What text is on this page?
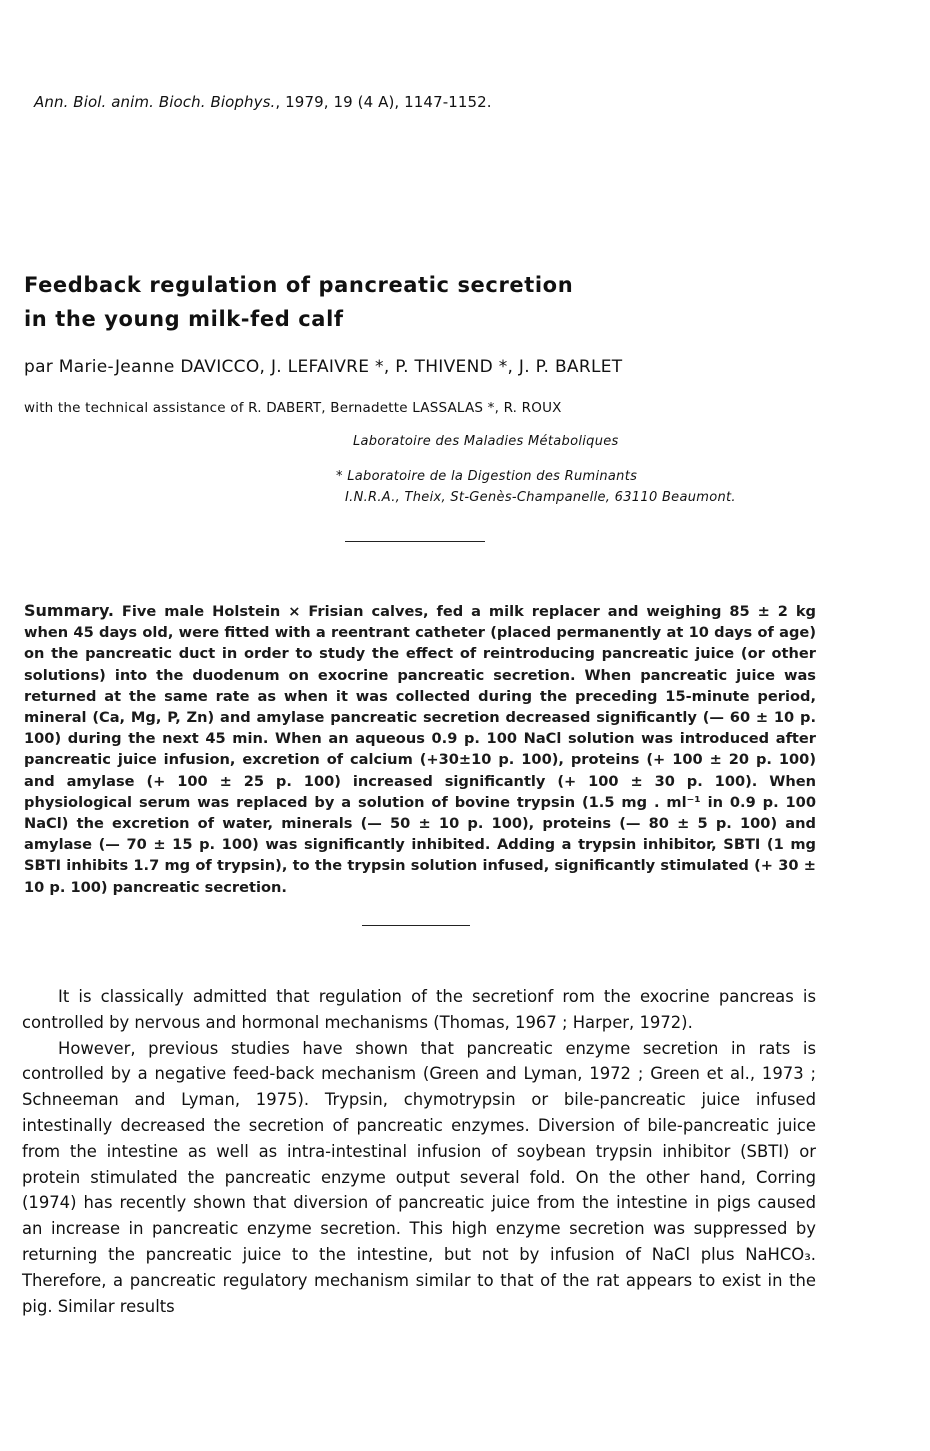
Ann. Biol. anim. Bioch. Biophys., 1979, 19 (4 A), 1147-1152.
Feedback regulation of pancreatic secretion
in the young milk-fed calf
par Marie-Jeanne DAVICCO, J. LEFAIVRE *, P. THIVEND *, J. P. BARLET
with the technical assistance of R. DABERT, Bernadette LASSALAS *, R. ROUX
Laboratoire des Maladies Métaboliques
* Laboratoire de la Digestion des Ruminants
I.N.R.A., Theix, St-Genès-Champanelle, 63110 Beaumont.
Summary. Five male Holstein × Frisian calves, fed a milk replacer and weighing 85 ± 2 kg when 45 days old, were fitted with a reentrant catheter (placed permanently at 10 days of age) on the pancreatic duct in order to study the effect of reintroducing pancreatic juice (or other solutions) into the duodenum on exocrine pancreatic secretion. When pancreatic juice was returned at the same rate as when it was collected during the preceding 15-minute period, mineral (Ca, Mg, P, Zn) and amylase pancreatic secretion decreased significantly (— 60 ± 10 p. 100) during the next 45 min. When an aqueous 0.9 p. 100 NaCl solution was introduced after pancreatic juice infusion, excretion of calcium (+30±10 p. 100), proteins (+ 100 ± 20 p. 100) and amylase (+ 100 ± 25 p. 100) increased significantly (+ 100 ± 30 p. 100). When physiological serum was replaced by a solution of bovine trypsin (1.5 mg . ml⁻¹ in 0.9 p. 100 NaCl) the excretion of water, minerals (— 50 ± 10 p. 100), proteins (— 80 ± 5 p. 100) and amylase (— 70 ± 15 p. 100) was significantly inhibited. Adding a trypsin inhibitor, SBTI (1 mg SBTI inhibits 1.7 mg of trypsin), to the trypsin solution infused, significantly stimulated (+ 30 ± 10 p. 100) pancreatic secretion.

It is classically admitted that regulation of the secretionf rom the exocrine pancreas is controlled by nervous and hormonal mechanisms (Thomas, 1967 ; Harper, 1972).

However, previous studies have shown that pancreatic enzyme secretion in rats is controlled by a negative feed-back mechanism (Green and Lyman, 1972 ; Green et al., 1973 ; Schneeman and Lyman, 1975). Trypsin, chymotrypsin or bile-pancreatic juice infused intestinally decreased the secretion of pancreatic enzymes. Diversion of bile-pancreatic juice from the intestine as well as intra-intestinal infusion of soybean trypsin inhibitor (SBTI) or protein stimulated the pancreatic enzyme output several fold. On the other hand, Corring (1974) has recently shown that diversion of pancreatic juice from the intestine in pigs caused an increase in pancreatic enzyme secretion. This high enzyme secretion was suppressed by returning the pancreatic juice to the intestine, but not by infusion of NaCl plus NaHCO₃. Therefore, a pancreatic regulatory mechanism similar to that of the rat appears to exist in the pig. Similar results
